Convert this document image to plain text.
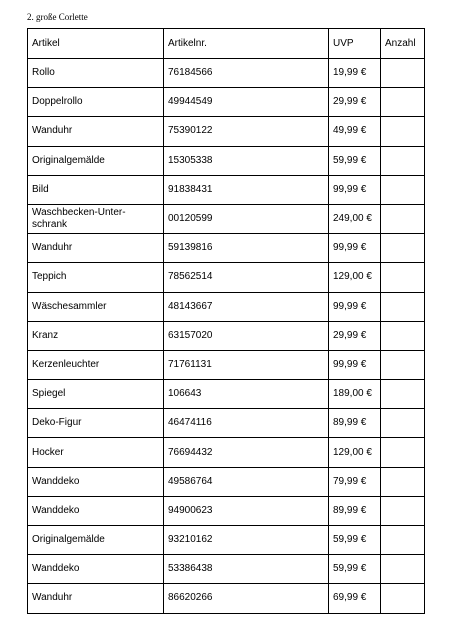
2. große Corlette
Artikel	Artikelnr.	UVP	Anzahl
Rollo	76184566	19,99 €	
Doppelrollo	49944549	29,99 €	
Wanduhr	75390122	49,99 €	
Originalgemälde	15305338	59,99 €	
Bild	91838431	99,99 €	
Waschbecken-Unter-schrank	00120599	249,00 €	
Wanduhr	59139816	99,99 €	
Teppich	78562514	129,00 €	
Wäschesammler	48143667	99,99 €	
Kranz	63157020	29,99 €	
Kerzenleuchter	71761131	99,99 €	
Spiegel	106643	189,00 €	
Deko-Figur	46474116	89,99 €	
Hocker	76694432	129,00 €	
Wanddeko	49586764	79,99 €	
Wanddeko	94900623	89,99 €	
Originalgemälde	93210162	59,99 €	
Wanddeko	53386438	59,99 €	
Wanduhr	86620266	69,99 €	
